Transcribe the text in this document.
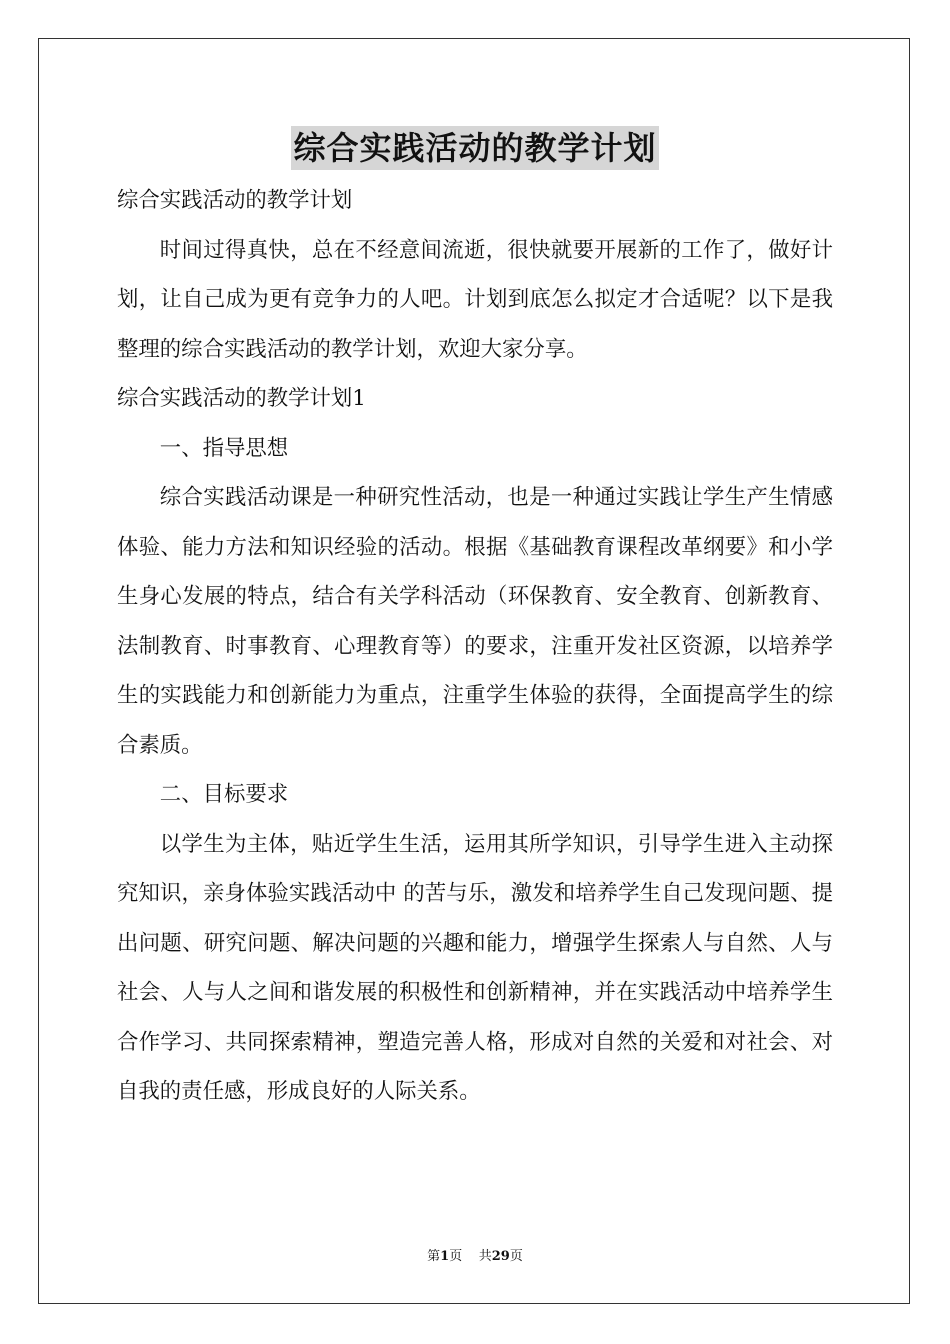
综合实践活动的教学计划

综合实践活动的教学计划

时间过得真快，总在不经意间流逝，很快就要开展新的工作了，做好计划，让自己成为更有竞争力的人吧。计划到底怎么拟定才合适呢？以下是我整理的综合实践活动的教学计划，欢迎大家分享。

综合实践活动的教学计划1

一、指导思想

综合实践活动课是一种研究性活动，也是一种通过实践让学生产生情感体验、能力方法和知识经验的活动。根据《基础教育课程改革纲要》和小学生身心发展的特点，结合有关学科活动（环保教育、安全教育、创新教育、法制教育、时事教育、心理教育等）的要求，注重开发社区资源，以培养学生的实践能力和创新能力为重点，注重学生体验的获得，全面提高学生的综合素质。

二、目标要求

以学生为主体，贴近学生生活，运用其所学知识，引导学生进入主动探究知识，亲身体验实践活动中 的苦与乐，激发和培养学生自己发现问题、提出问题、研究问题、解决问题的兴趣和能力，增强学生探索人与自然、人与社会、人与人之间和谐发展的积极性和创新精神，并在实践活动中培养学生合作学习、共同探索精神，塑造完善人格，形成对自然的关爱和对社会、对自我的责任感，形成良好的人际关系。

第1页 共29页
